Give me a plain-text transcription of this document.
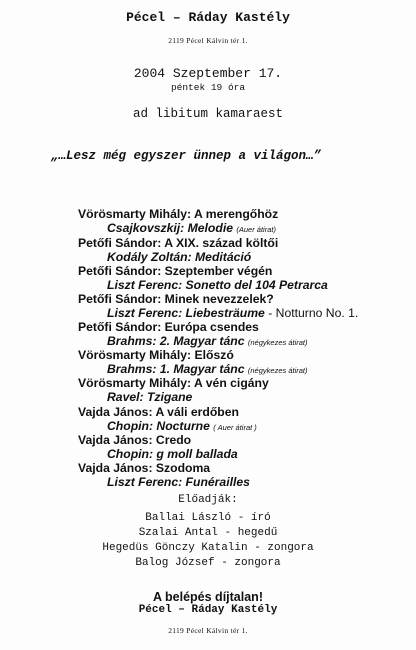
Pécel – Ráday Kastély
2119 Pécel Kálvin tér 1.
2004 Szeptember 17.
péntek 19 óra
ad libitum kamaraest
„…Lesz még egyszer ünnep a világon…”
Vörösmarty Mihály: A merengőhöz
Csajkovszkij: Melodie (Auer átirat)
Petőfi Sándor: A XIX. század költői
Kodály Zoltán: Meditáció
Petőfi Sándor: Szeptember végén
Liszt Ferenc: Sonetto del 104 Petrarca
Petőfi Sándor: Minek nevezzelek?
Liszt Ferenc: Liebesträume - Notturno No. 1.
Petőfi Sándor: Európa csendes
Brahms: 2. Magyar tánc (négykezes átirat)
Vörösmarty Mihály: Előszó
Brahms: 1. Magyar tánc (négykezes átirat)
Vörösmarty Mihály: A vén cigány
Ravel: Tzigane
Vajda János: A váli erdőben
Chopin: Nocturne ( Auer átirat )
Vajda János: Credo
Chopin: g moll ballada
Vajda János: Szodoma
Liszt Ferenc: Funérailles
Előadják:
Ballai László - író
Szalai Antal - hegedű
Hegedüs Gönczy Katalin - zongora
Balog József - zongora
A belépés díjtalan!
Pécel – Ráday Kastély
2119 Pécel Kálvin tér 1.
